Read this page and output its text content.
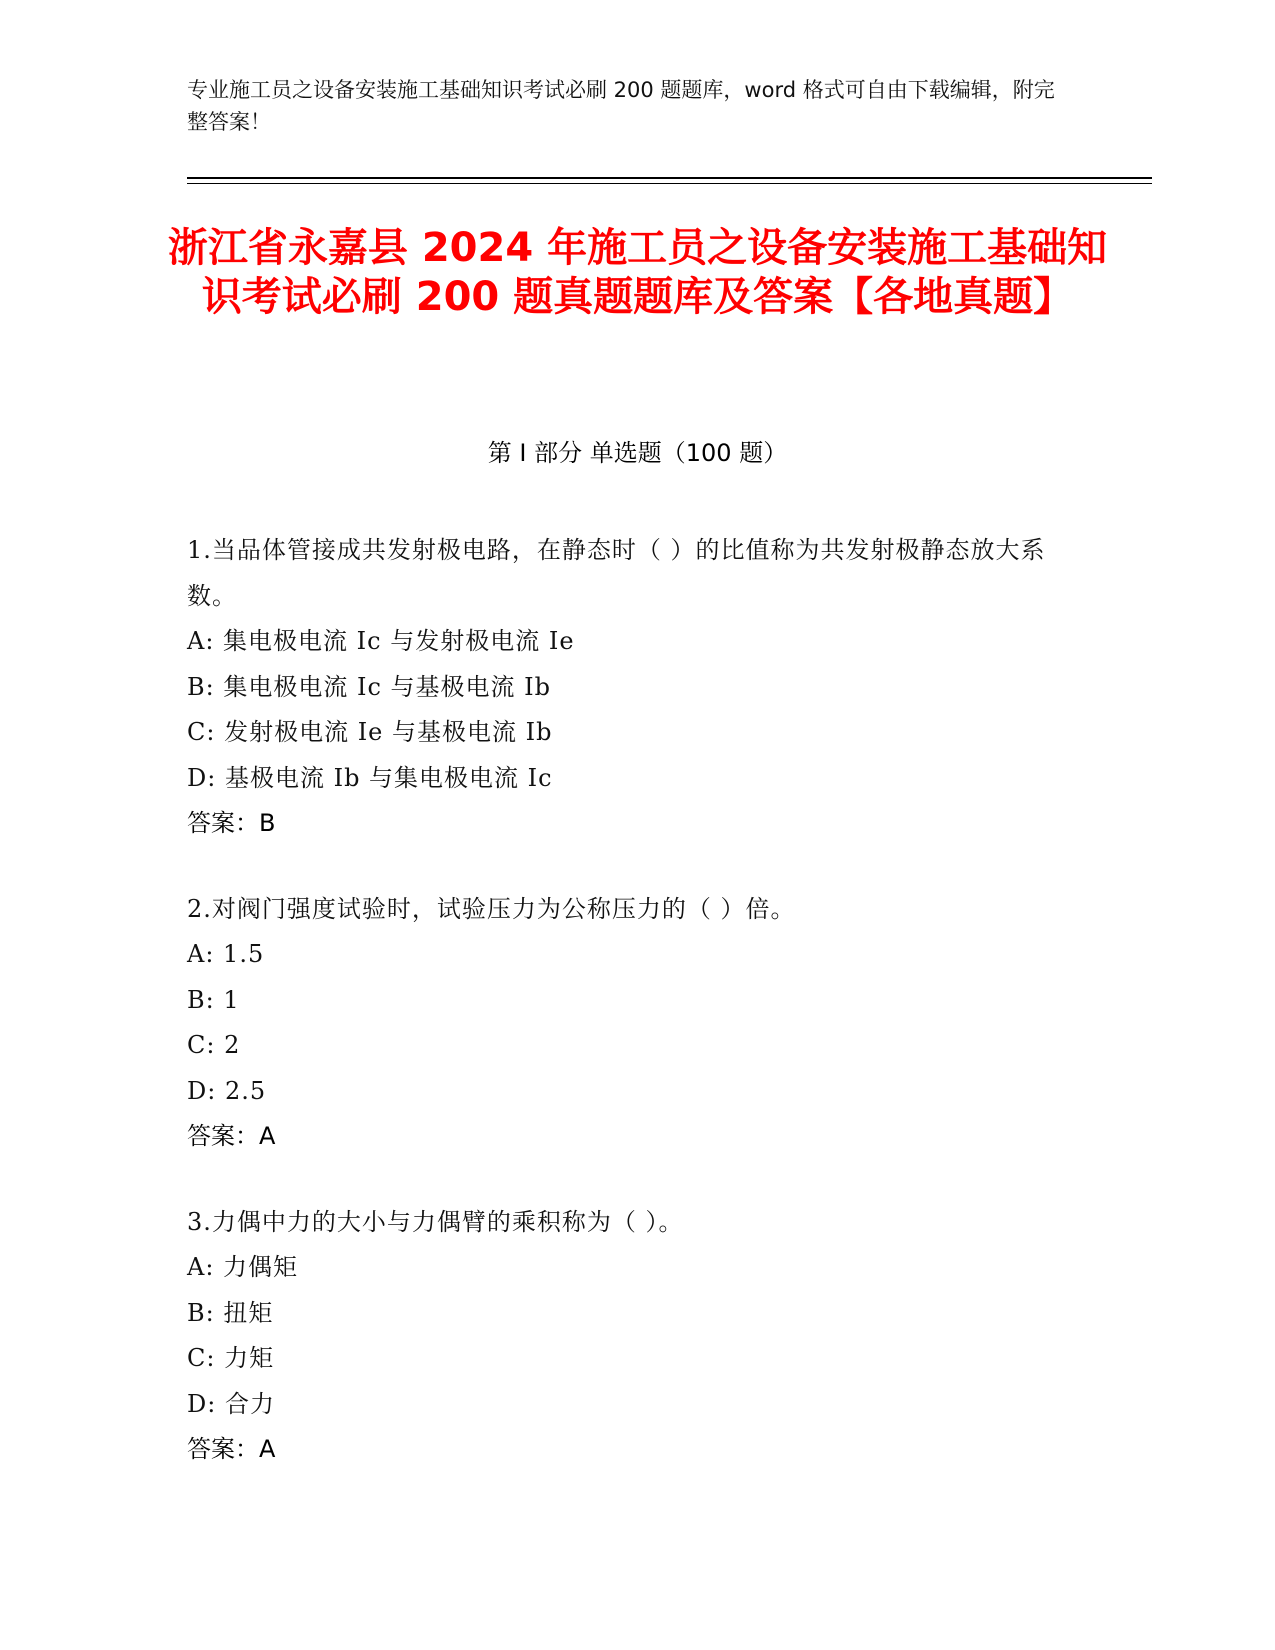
专业施工员之设备安装施工基础知识考试必刷 200 题题库，word 格式可自由下载编辑，附完整答案！
浙江省永嘉县 2024 年施工员之设备安装施工基础知识考试必刷 200 题真题题库及答案【各地真题】
第 I 部分 单选题（100 题）

1.当品体管接成共发射极电路，在静态时（ ）的比值称为共发射极静态放大系数。

A: 集电极电流 Ic 与发射极电流 Ie

B: 集电极电流 Ic 与基极电流 Ib

C: 发射极电流 Ie 与基极电流 Ib

D: 基极电流 Ib 与集电极电流 Ic

答案：B

2.对阀门强度试验时，试验压力为公称压力的（ ）倍。

A: 1.5

B: 1

C: 2

D: 2.5

答案：A

3.力偶中力的大小与力偶臂的乘积称为（ ）。

A: 力偶矩

B: 扭矩

C: 力矩

D: 合力

答案：A
